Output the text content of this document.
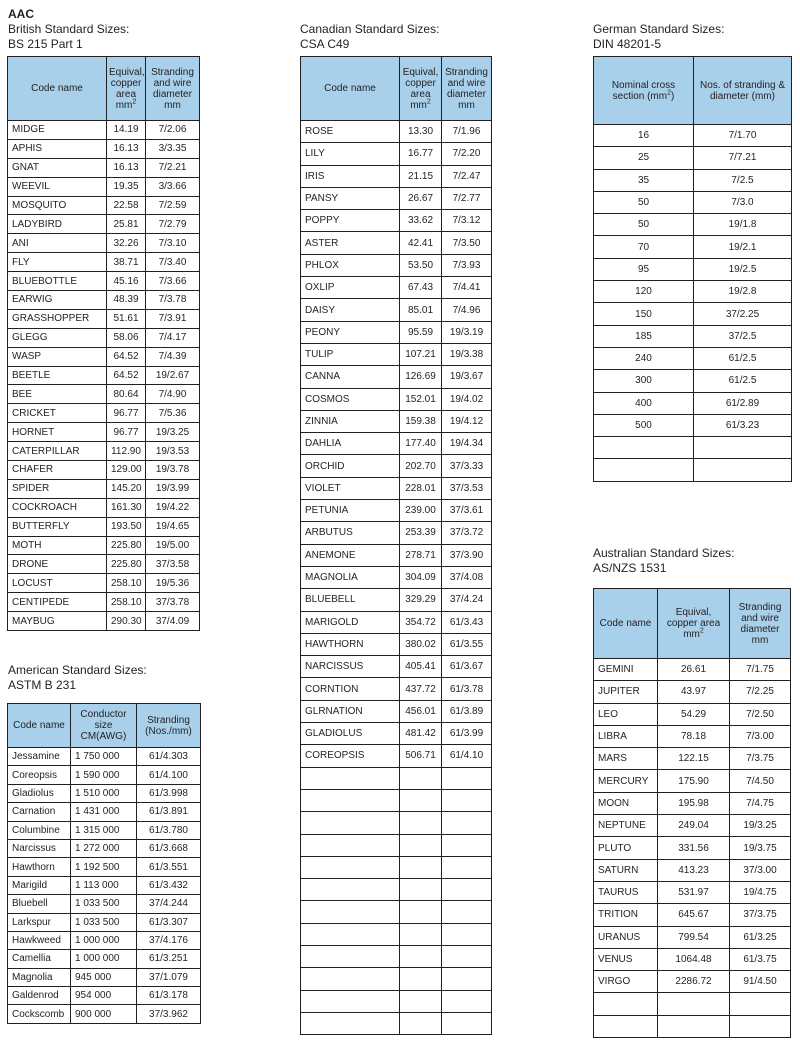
AAC
British Standard Sizes:
BS 215 Part 1
Code name	Equival, copper area $mm^2$	Stranding and wire diameter mm
MIDGE	14.19	7/2.06
APHIS	16.13	3/3.35
GNAT	16.13	7/2.21
WEEVIL	19.35	3/3.66
MOSQUITO	22.58	7/2.59
LADYBIRD	25.81	7/2.79
ANI	32.26	7/3.10
FLY	38.71	7/3.40
BLUEBOTTLE	45.16	7/3.66
EARWIG	48.39	7/3.78
GRASSHOPPER	51.61	7/3.91
GLEGG	58.06	7/4.17
WASP	64.52	7/4.39
BEETLE	64.52	19/2.67
BEE	80.64	7/4.90
CRICKET	96.77	7/5.36
HORNET	96.77	19/3.25
CATERPILLAR	112.90	19/3.53
CHAFER	129.00	19/3.78
SPIDER	145.20	19/3.99
COCKROACH	161.30	19/4.22
BUTTERFLY	193.50	19/4.65
MOTH	225.80	19/5.00
DRONE	225.80	37/3.58
LOCUST	258.10	19/5.36
CENTIPEDE	258.10	37/3.78
MAYBUG	290.30	37/4.09
American Standard Sizes:
ASTM B 231
Code name	Conductor size CM(AWG)	Stranding (Nos./mm)
Jessamine	1 750 000	61/4.303
Coreopsis	1 590 000	61/4.100
Gladiolus	1 510 000	61/3.998
Carnation	1 431 000	61/3.891
Columbine	1 315 000	61/3.780
Narcissus	1 272 000	61/3.668
Hawthorn	1 192 500	61/3.551
Marigild	1 113 000	61/3.432
Bluebell	1 033 500	37/4.244
Larkspur	1 033 500	61/3.307
Hawkweed	1 000 000	37/4.176
Camellia	1 000 000	61/3.251
Magnolia	945 000	37/1.079
Galdenrod	954 000	61/3.178
Cockscomb	900 000	37/3.962
Canadian Standard Sizes:
CSA C49
Code name	Equival, copper area $mm^2$	Stranding and wire diameter mm
ROSE	13.30	7/1.96
LILY	16.77	7/2.20
IRIS	21.15	7/2.47
PANSY	26.67	7/2.77
POPPY	33.62	7/3.12
ASTER	42.41	7/3.50
PHLOX	53.50	7/3.93
OXLIP	67.43	7/4.41
DAISY	85.01	7/4.96
PEONY	95.59	19/3.19
TULIP	107.21	19/3.38
CANNA	126.69	19/3.67
COSMOS	152.01	19/4.02
ZINNIA	159.38	19/4.12
DAHLIA	177.40	19/4.34
ORCHID	202.70	37/3.33
VIOLET	228.01	37/3.53
PETUNIA	239.00	37/3.61
ARBUTUS	253.39	37/3.72
ANEMONE	278.71	37/3.90
MAGNOLIA	304.09	37/4.08
BLUEBELL	329.29	37/4.24
MARIGOLD	354.72	61/3.43
HAWTHORN	380.02	61/3.55
NARCISSUS	405.41	61/3.67
CORNTION	437.72	61/3.78
GLRNATION	456.01	61/3.89
GLADIOLUS	481.42	61/3.99
COREOPSIS	506.71	61/4.10

German Standard Sizes:
DIN 48201-5
Nominal cross section $(mm^2)$	Nos. of stranding & diameter (mm)
16	7/1.70
25	7/7.21
35	7/2.5
50	7/3.0
50	19/1.8
70	19/2.1
95	19/2.5
120	19/2.8
150	37/2.25
185	37/2.5
240	61/2.5
300	61/2.5
400	61/2.89
500	61/3.23

Australian Standard Sizes:
AS/NZS 1531
Code name	Equival, copper area $mm^2$	Stranding and wire diameter mm
GEMINI	26.61	7/1.75
JUPITER	43.97	7/2.25
LEO	54.29	7/2.50
LIBRA	78.18	7/3.00
MARS	122.15	7/3.75
MERCURY	175.90	7/4.50
MOON	195.98	7/4.75
NEPTUNE	249.04	19/3.25
PLUTO	331.56	19/3.75
SATURN	413.23	37/3.00
TAURUS	531.97	19/4.75
TRITION	645.67	37/3.75
URANUS	799.54	61/3.25
VENUS	1064.48	61/3.75
VIRGO	2286.72	91/4.50
